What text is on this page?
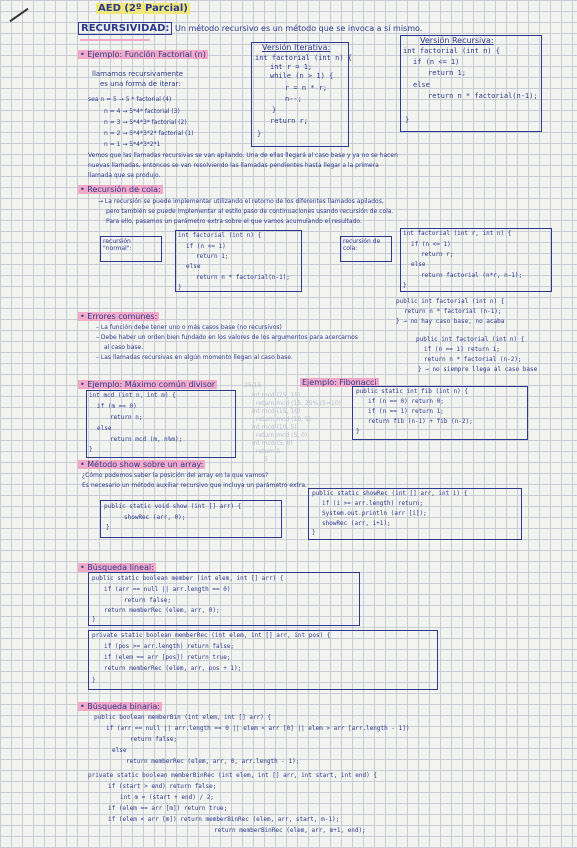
AED (2º Parcial)
RECURSIVIDAD: Un método recursivo es un método que se invoca a sí mismo.
• Ejemplo: Función Factorial (n)
Versión Iterativa:
int factorial (int n) {
int r = 1;
while (n > 1) {
r = n * r;
n--;
}
return r;
}
Versión Recursiva:
int factorial (int n) {
if (n <= 1)
return 1;
else
return n * factorial(n-1);
}
llamamos recursivamente
es una forma de iterar:
sea n = 5 → 5 * factorial (4)
n = 4 → 5*4* factorial (3)
n = 3 → 5*4*3* factorial (2)
n = 2 → 5*4*3*2* factorial (1)
n = 1 → 5*4*3*2*1
Vemos que las llamadas recursivas se van apilando. Una de ellas llegará al caso base y ya no se hacen
nuevas llamadas, entonces se van resolviendo las llamadas pendientes hasta llegar a la primera
llamada que se produjo.
• Recursión de cola:
→ La recursión se puede implementar utilizando el retorno de los diferentes llamados apilados,
pero también se puede implementar al estilo paso de continuaciones usando recursión de cola.
Para ello, pasamos un parámetro extra sobre el que vamos acumulando el resultado.
recursión "normal":
int factorial (int n) {
if (n <= 1)
return 1;
else
return n * factorial(n-1);
}
recursión de cola:
int factorial (int r, int n) {
if (n <= 1)
return r;
else
return factorial (n*r, n-1);
}
• Errores comunes:
– La función debe tener uno o más casos base (no recursivos)
– Debe haber un orden bien fundado en los valores de los argumentos para acercarnos
al caso base.
– Las llamadas recursivas en algún momento llegan al caso base.
public int factorial (int n) {
return n * factorial (n-1);
} → no hay caso base, no acaba
public int factorial (int n) {
if (n == 1) return 1;
return n * factorial (n-2);
} → no siempre llega al caso base
• Ejemplo: Máximo común divisor
int mcd (int n, int m) {
if (m == 0)
return n;
else
return mcd (m, n%m);
}
25/15
int mcd (25, 15)
return mcd (15, 25%15=10)
int mcd (15, 10)
return mcd (10, 5)
int mcd (10, 5)
return mcd (5, 0)
int mcd (5, 0)
return 5
5
Ejemplo: Fibonacci
public static int fib (int n) {
if (n == 0) return 0;
if (n == 1) return 1;
return fib (n-1) + fib (n-2);
}
• Método show sobre un array:
¿Cómo podemos saber la posición del array en la que vamos?
Es necesario un método auxiliar recursivo que incluya un parámetro extra.
public static void show (int [] arr) {
showRec (arr, 0);
}
public static showRec (int [] arr, int i) {
if (i >= arr.length) return;
System.out.println (arr [i]);
showRec (arr, i+1);
}
• Búsqueda lineal:
public static boolean member (int elem, int [] arr) {
if (arr == null || arr.length == 0)
return false;
return memberRec (elem, arr, 0);
}
private static boolean memberRec (int elem, int [] arr, int pos) {
if (pos >= arr.length) return false;
if (elem == arr [pos]) return true;
return memberRec (elem, arr, pos + 1);
}
• Búsqueda binaria:
public boolean memberBin (int elem, int [] arr) {
if (arr == null || arr.length == 0 || elem < arr [0] || elem > arr [arr.length - 1])
return false;
else
return memberRec (elem, arr, 0, arr.length - 1);
private static boolean memberBinRec (int elem, int [] arr, int start, int end) {
if (start > end) return false;
int m = (start + end) / 2;
if (elem == arr [m]) return true;
if (elem < arr [m]) return memberBinRec (elem, arr, start, m-1);
return memberBinRec (elem, arr, m+1, end);
